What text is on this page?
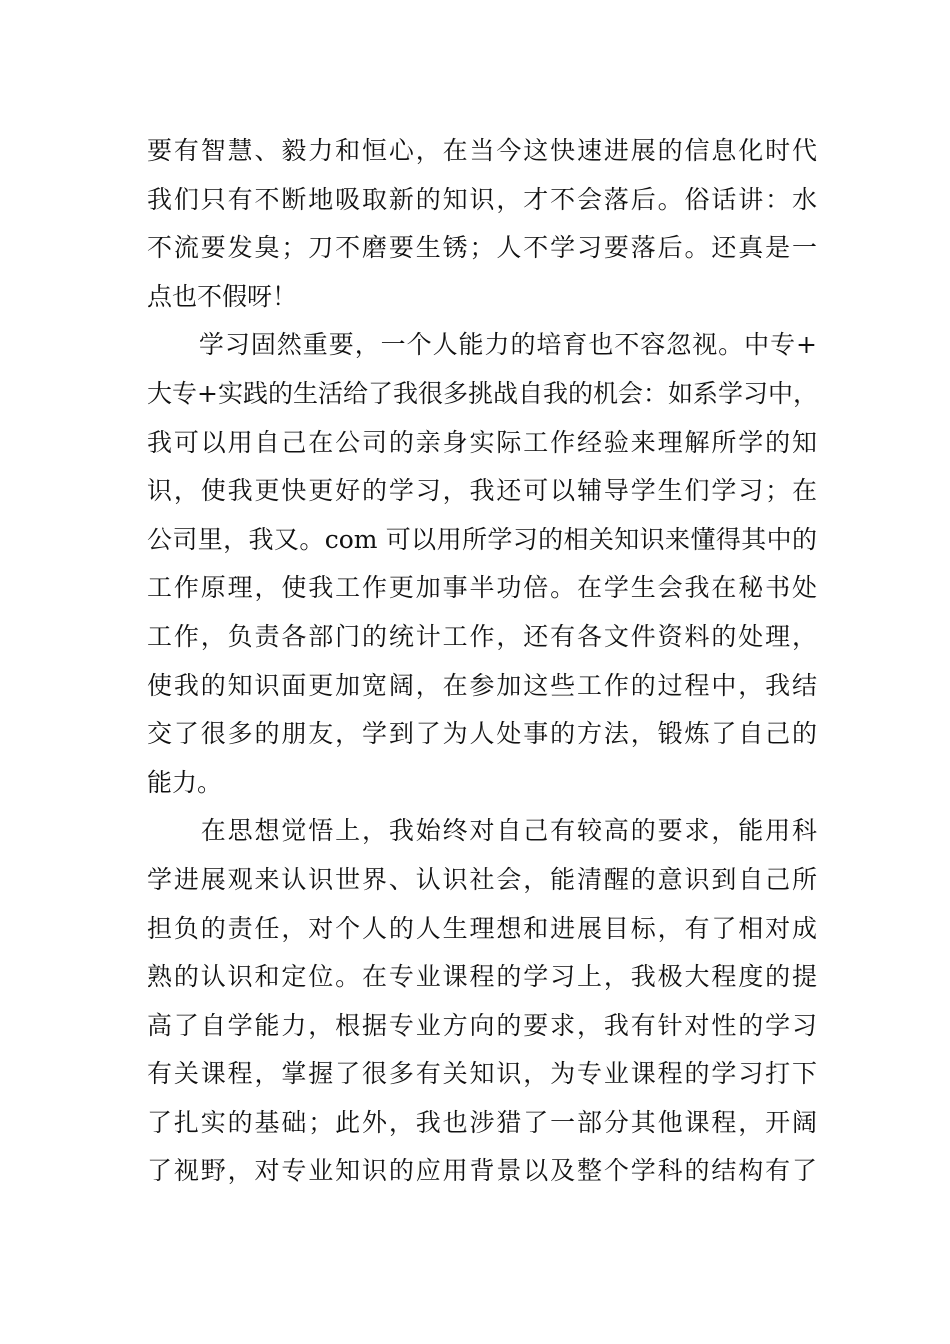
要有智慧、毅力和恒心，在当今这快速进展的信息化时代
我们只有不断地吸取新的知识，才不会落后。俗话讲：水
不流要发臭；刀不磨要生锈；人不学习要落后。还真是一
点也不假呀！
　　学习固然重要，一个人能力的培育也不容忽视。中专+
大专+实践的生活给了我很多挑战自我的机会：如系学习中，
我可以用自己在公司的亲身实际工作经验来理解所学的知
识，使我更快更好的学习，我还可以辅导学生们学习；在
公司里，我又。com 可以用所学习的相关知识来懂得其中的
工作原理，使我工作更加事半功倍。在学生会我在秘书处
工作，负责各部门的统计工作，还有各文件资料的处理，
使我的知识面更加宽阔，在参加这些工作的过程中，我结
交了很多的朋友，学到了为人处事的方法，锻炼了自己的
能力。
　　在思想觉悟上，我始终对自己有较高的要求，能用科
学进展观来认识世界、认识社会，能清醒的意识到自己所
担负的责任，对个人的人生理想和进展目标，有了相对成
熟的认识和定位。在专业课程的学习上，我极大程度的提
高了自学能力，根据专业方向的要求，我有针对性的学习
有关课程，掌握了很多有关知识，为专业课程的学习打下
了扎实的基础；此外，我也涉猎了一部分其他课程，开阔
了视野，对专业知识的应用背景以及整个学科的结构有了
